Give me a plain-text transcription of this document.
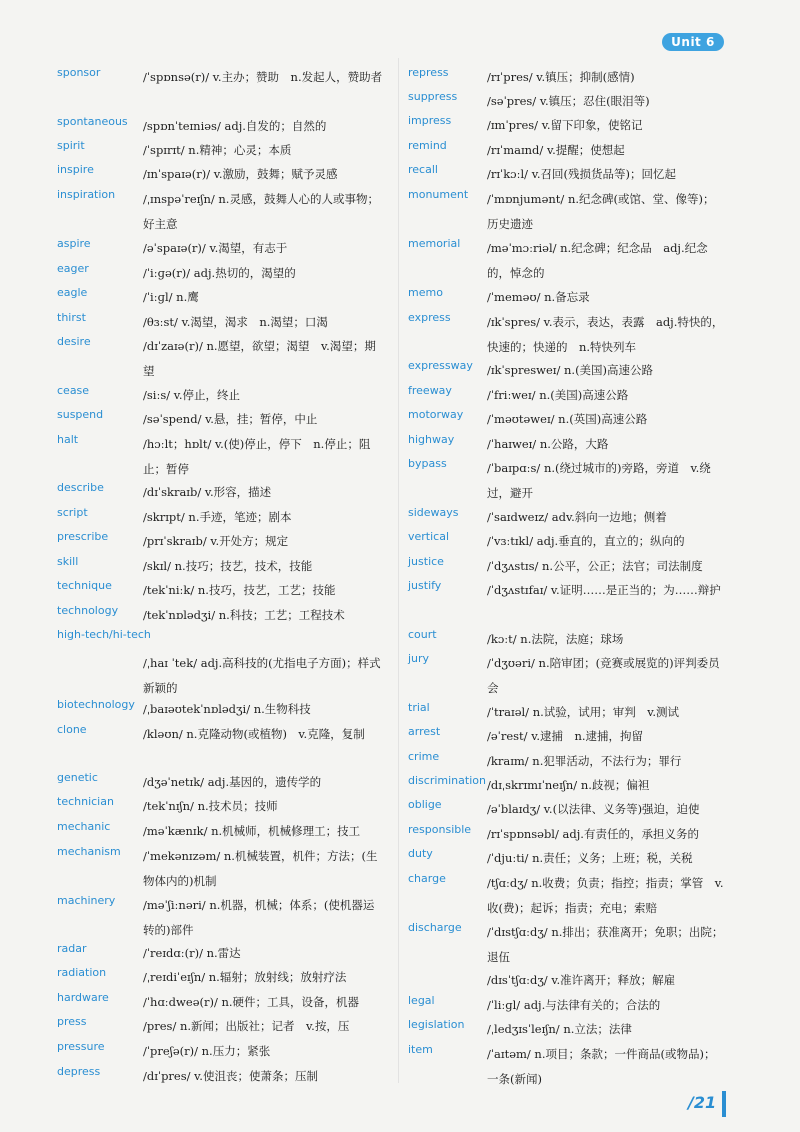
Unit 6
sponsor	/ˈspɒnsə(r)/ v.主办；赞助　n.发起人，赞助者
spontaneous /spɒnˈteɪniəs/ adj.自发的；自然的
spirit	/ˈspɪrɪt/ n.精神；心灵；本质
inspire	/ɪnˈspaɪə(r)/ v.激励，鼓舞；赋予灵感
inspiration /ˌɪnspəˈreɪʃn/ n.灵感，鼓舞人心的人或事物；好主意
aspire	/əˈspaɪə(r)/ v.渴望，有志于
eager	/ˈiːɡə(r)/ adj.热切的，渴望的
eagle	/ˈiːɡl/ n.鹰
thirst	/θɜːst/ v.渴望，渴求　n.渴望；口渴
desire	/dɪˈzaɪə(r)/ n.愿望，欲望；渴望　v.渴望；期望
cease	/siːs/ v.停止，终止
suspend	/səˈspend/ v.悬，挂；暂停，中止
halt	/hɔːlt；hɒlt/ v.(使)停止，停下　n.停止；阻止；暂停
describe	/dɪˈskraɪb/ v.形容，描述
script	/skrɪpt/ n.手迹，笔迹；剧本
prescribe	/prɪˈskraɪb/ v.开处方；规定
skill	/skɪl/ n.技巧；技艺，技术，技能
technique	/tekˈniːk/ n.技巧，技艺，工艺；技能
technology /tekˈnɒlədʒi/ n.科技；工艺；工程技术
high-tech/hi-tech
/ˌhaɪ ˈtek/ adj.高科技的(尤指电子方面)；样式新颖的
biotechnology /ˌbaɪəʊtekˈnɒlədʒi/ n.生物科技
clone	/kləʊn/ n.克隆动物(或植物)　v.克隆，复制
genetic	/dʒəˈnetɪk/ adj.基因的，遗传学的
technician	/tekˈnɪʃn/ n.技术员；技师
mechanic	/məˈkænɪk/ n.机械师，机械修理工；技工
mechanism /ˈmekənɪzəm/ n.机械装置，机件；方法；(生物体内的)机制
machinery /məˈʃiːnəri/ n.机器，机械；体系；(使机器运转的)部件
radar	/ˈreɪdɑː(r)/ n.雷达
radiation	/ˌreɪdiˈeɪʃn/ n.辐射；放射线；放射疗法
hardware	/ˈhɑːdweə(r)/ n.硬件；工具，设备，机器
press	/pres/ n.新闻；出版社；记者　v.按，压
pressure	/ˈpreʃə(r)/ n.压力；紧张
depress	/dɪˈpres/ v.使沮丧；使萧条；压制
repress	/rɪˈpres/ v.镇压；抑制(感情)
suppress	/səˈpres/ v.镇压；忍住(眼泪等)
impress	/ɪmˈpres/ v.留下印象，使铭记
remind	/rɪˈmaɪnd/ v.提醒；使想起
recall	/rɪˈkɔːl/ v.召回(残损货品等)；回忆起
monument /ˈmɒnjumənt/ n.纪念碑(或馆、堂、像等)；历史遗迹
memorial /məˈmɔːriəl/ n.纪念碑；纪念品　adj.纪念的，悼念的
memo	/ˈmeməʊ/ n.备忘录
express	/ɪkˈspres/ v.表示，表达，表露　adj.特快的，快速的；快递的　n.特快列车
expressway /ɪkˈspresweɪ/ n.(美国)高速公路
freeway	/ˈfriːweɪ/ n.(美国)高速公路
motorway /ˈməʊtəweɪ/ n.(英国)高速公路
highway	/ˈhaɪweɪ/ n.公路，大路
bypass	/ˈbaɪpɑːs/ n.(绕过城市的)旁路，旁道　v.绕过，避开
sideways /ˈsaɪdweɪz/ adv.斜向一边地；侧着
vertical	/ˈvɜːtɪkl/ adj.垂直的，直立的；纵向的
justice	/ˈdʒʌstɪs/ n.公平，公正；法官；司法制度
justify	/ˈdʒʌstɪfaɪ/ v.证明……是正当的；为……辩护
court	/kɔːt/ n.法院，法庭；球场
jury	/ˈdʒʊəri/ n.陪审团；(竞赛或展览的)评判委员会
trial	/ˈtraɪəl/ n.试验，试用；审判　v.测试
arrest	/əˈrest/ v.逮捕　n.逮捕，拘留
crime	/kraɪm/ n.犯罪活动，不法行为；罪行
discrimination /dɪˌskrɪmɪˈneɪʃn/ n.歧视；偏袒
oblige	/əˈblaɪdʒ/ v.(以法律、义务等)强迫，迫使
responsible /rɪˈspɒnsəbl/ adj.有责任的，承担义务的
duty	/ˈdjuːti/ n.责任；义务；上班；税，关税
charge	/tʃɑːdʒ/ n.收费；负责；指控；指责；掌管　v.收(费)；起诉；指责；充电；索赔
discharge /ˈdɪstʃɑːdʒ/ n.排出；获准离开；免职；出院；退伍
/dɪsˈtʃɑːdʒ/ v.准许离开；释放；解雇
legal	/ˈliːɡl/ adj.与法律有关的；合法的
legislation /ˌledʒɪsˈleɪʃn/ n.立法；法律
item	/ˈaɪtəm/ n.项目；条款；一件商品(或物品)；一条(新闻)
/21
